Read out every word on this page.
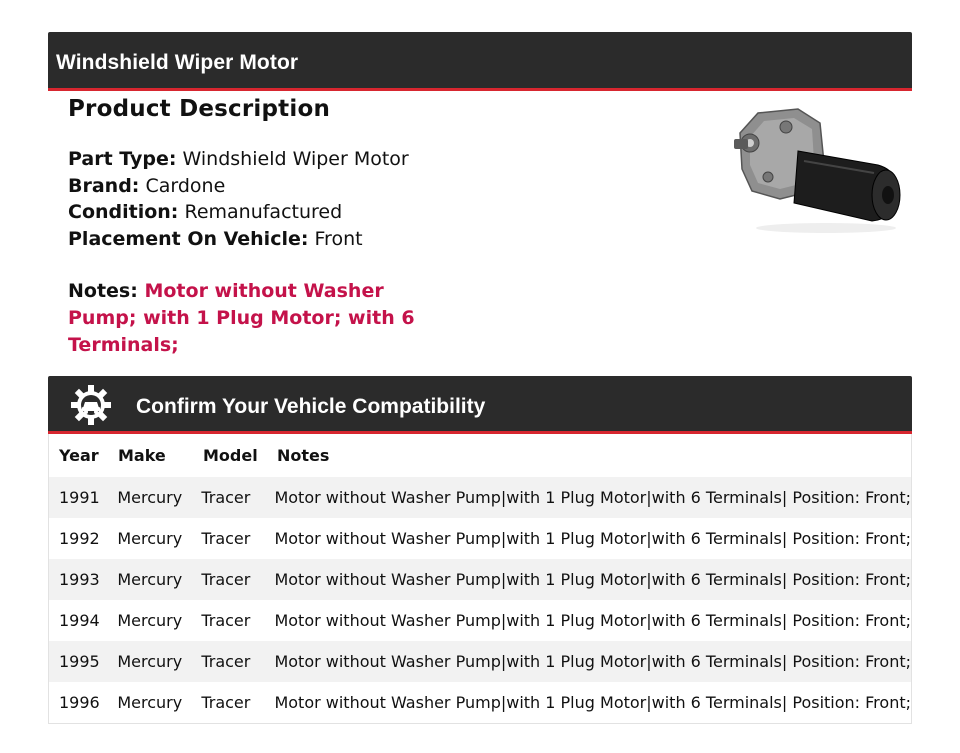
Windshield Wiper Motor
Product Description
Part Type: Windshield Wiper Motor
Brand: Cardone
Condition: Remanufactured
Placement On Vehicle: Front
Notes: Motor without Washer Pump; with 1 Plug Motor; with 6 Terminals;
Confirm Your Vehicle Compatibility
Year	Make	Model	Notes
1991	Mercury	Tracer	Motor without Washer Pump|with 1 Plug Motor|with 6 Terminals| Position: Front;
1992	Mercury	Tracer	Motor without Washer Pump|with 1 Plug Motor|with 6 Terminals| Position: Front;
1993	Mercury	Tracer	Motor without Washer Pump|with 1 Plug Motor|with 6 Terminals| Position: Front;
1994	Mercury	Tracer	Motor without Washer Pump|with 1 Plug Motor|with 6 Terminals| Position: Front;
1995	Mercury	Tracer	Motor without Washer Pump|with 1 Plug Motor|with 6 Terminals| Position: Front;
1996	Mercury	Tracer	Motor without Washer Pump|with 1 Plug Motor|with 6 Terminals| Position: Front;
